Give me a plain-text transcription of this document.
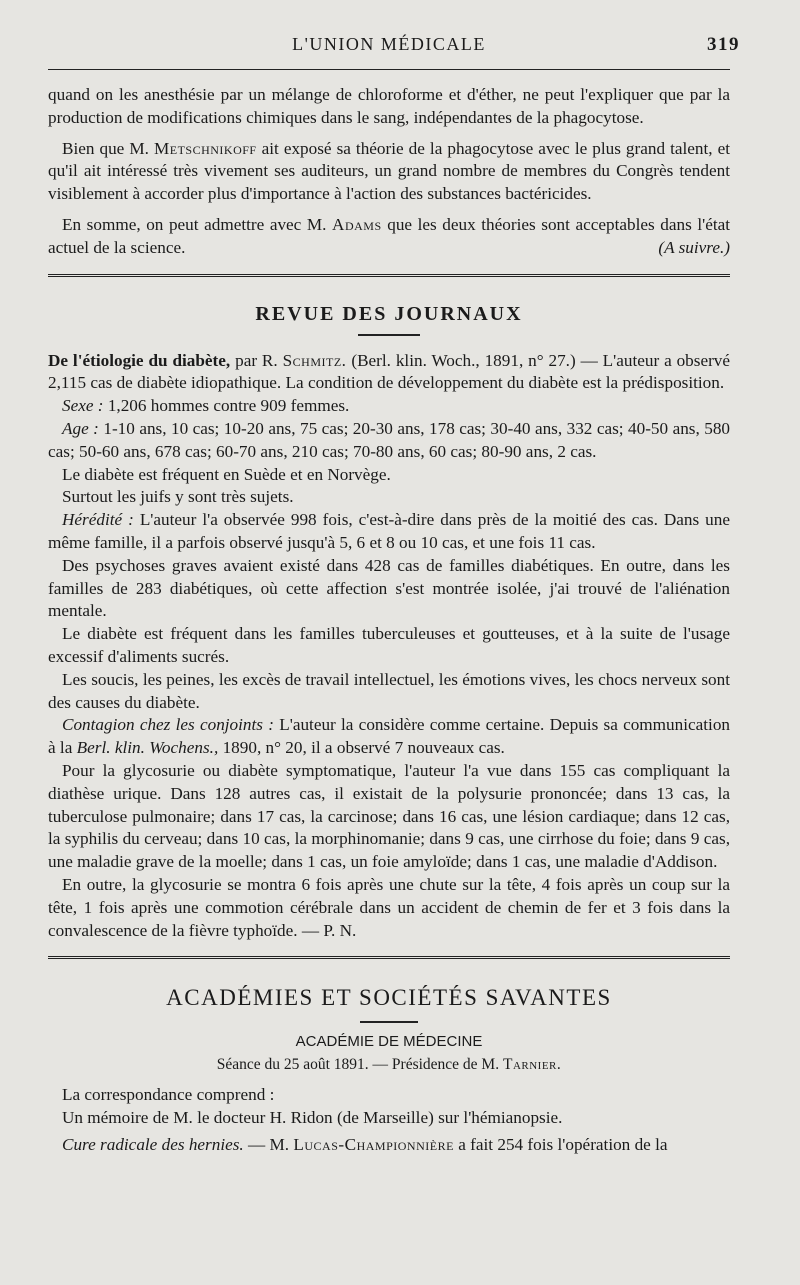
L'UNION MÉDICALE	319

quand on les anesthésie par un mélange de chloroforme et d'éther, ne peut l'expliquer que par la production de modifications chimiques dans le sang, indépendantes de la phagocytose.

Bien que M. Metschnikoff ait exposé sa théorie de la phagocytose avec le plus grand talent, et qu'il ait intéressé très vivement ses auditeurs, un grand nombre de membres du Congrès tendent visiblement à accorder plus d'importance à l'action des substances bactéricides.

En somme, on peut admettre avec M. Adams que les deux théories sont acceptables dans l'état actuel de la science.	(A suivre.)

REVUE DES JOURNAUX

De l'étiologie du diabète, par R. Schmitz. (Berl. klin. Woch., 1891, n° 27.) — L'auteur a observé 2,115 cas de diabète idiopathique. La condition de développement du diabète est la prédisposition.

Sexe : 1,206 hommes contre 909 femmes.

Age : 1-10 ans, 10 cas; 10-20 ans, 75 cas; 20-30 ans, 178 cas; 30-40 ans, 332 cas; 40-50 ans, 580 cas; 50-60 ans, 678 cas; 60-70 ans, 210 cas; 70-80 ans, 60 cas; 80-90 ans, 2 cas.

Le diabète est fréquent en Suède et en Norvège.

Surtout les juifs y sont très sujets.

Hérédité : L'auteur l'a observée 998 fois, c'est-à-dire dans près de la moitié des cas. Dans une même famille, il a parfois observé jusqu'à 5, 6 et 8 ou 10 cas, et une fois 11 cas.

Des psychoses graves avaient existé dans 428 cas de familles diabétiques. En outre, dans les familles de 283 diabétiques, où cette affection s'est montrée isolée, j'ai trouvé de l'aliénation mentale.

Le diabète est fréquent dans les familles tuberculeuses et goutteuses, et à la suite de l'usage excessif d'aliments sucrés.

Les soucis, les peines, les excès de travail intellectuel, les émotions vives, les chocs nerveux sont des causes du diabète.

Contagion chez les conjoints : L'auteur la considère comme certaine. Depuis sa communication à la Berl. klin. Wochens., 1890, n° 20, il a observé 7 nouveaux cas.

Pour la glycosurie ou diabète symptomatique, l'auteur l'a vue dans 155 cas compliquant la diathèse urique. Dans 128 autres cas, il existait de la polysurie prononcée; dans 13 cas, la tuberculose pulmonaire; dans 17 cas, la carcinose; dans 16 cas, une lésion cardiaque; dans 12 cas, la syphilis du cerveau; dans 10 cas, la morphinomanie; dans 9 cas, une cirrhose du foie; dans 9 cas, une maladie grave de la moelle; dans 1 cas, un foie amyloïde; dans 1 cas, une maladie d'Addison.

En outre, la glycosurie se montra 6 fois après une chute sur la tête, 4 fois après un coup sur la tête, 1 fois après une commotion cérébrale dans un accident de chemin de fer et 3 fois dans la convalescence de la fièvre typhoïde. — P. N.

ACADÉMIES ET SOCIÉTÉS SAVANTES
ACADÉMIE DE MÉDECINE
Séance du 25 août 1891. — Présidence de M. Tarnier.

La correspondance comprend :

Un mémoire de M. le docteur H. Ridon (de Marseille) sur l'hémianopsie.

Cure radicale des hernies. — M. Lucas-Championnière a fait 254 fois l'opération de la
